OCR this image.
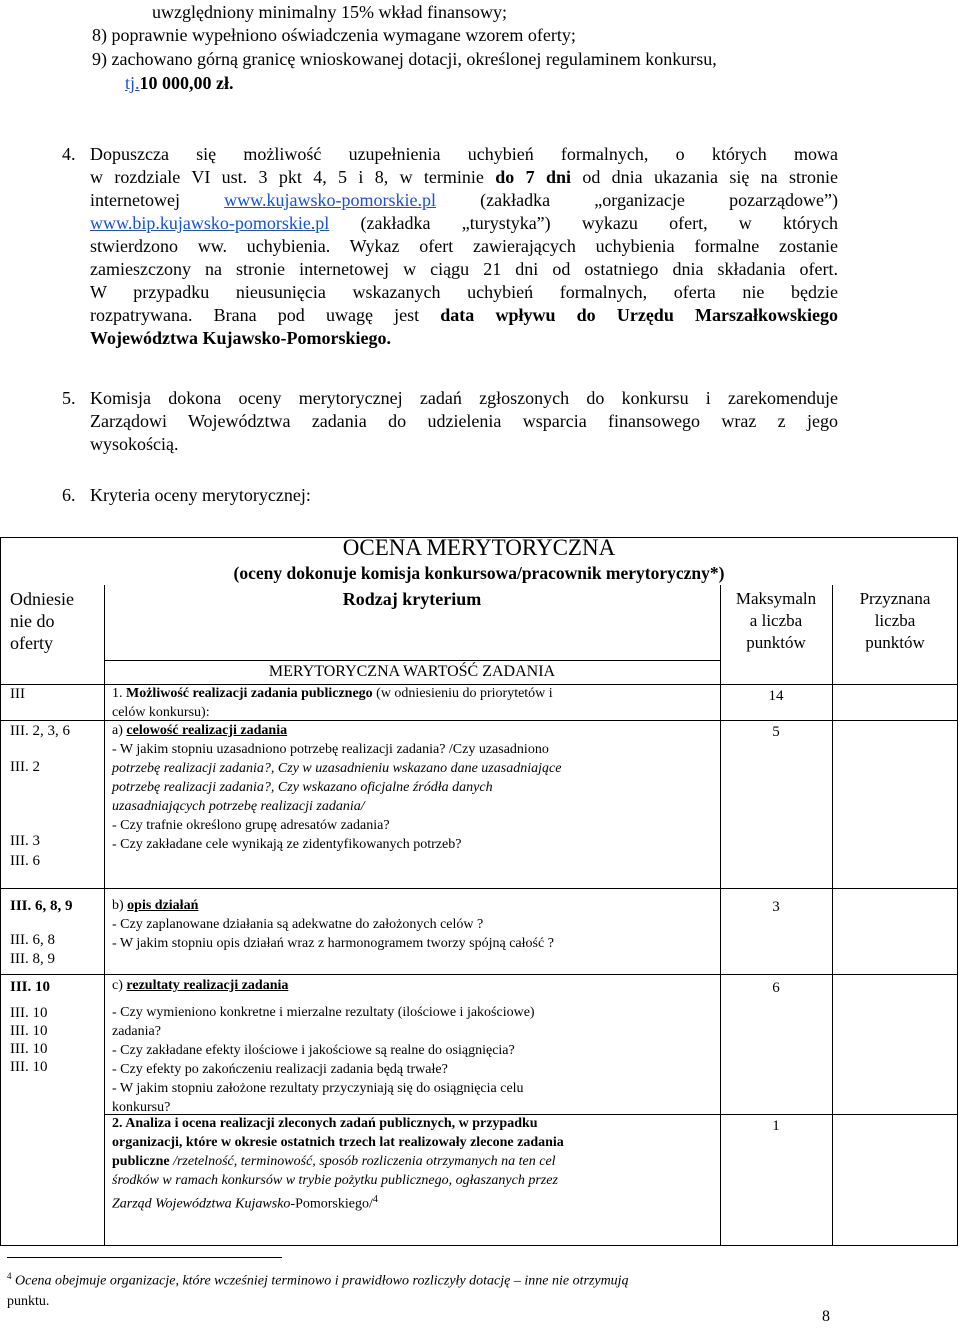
uwzględniony minimalny 15% wkład finansowy;
8) poprawnie wypełniono oświadczenia wymagane wzorem oferty;
9) zachowano górną granicę wnioskowanej dotacji, określonej regulaminem konkursu,
tj.10 000,00 zł.
4. Dopuszcza się możliwość uzupełnienia uchybień formalnych, o których mowa
w rozdziale VI ust. 3 pkt 4, 5 i 8, w terminie do 7 dni od dnia ukazania się na stronie
internetowej www.kujawsko-pomorskie.pl (zakładka „organizacje pozarządowe”)
www.bip.kujawsko-pomorskie.pl (zakładka „turystyka”) wykazu ofert, w których
stwierdzono ww. uchybienia. Wykaz ofert zawierających uchybienia formalne zostanie
zamieszczony na stronie internetowej w ciągu 21 dni od ostatniego dnia składania ofert.
W przypadku nieusunięcia wskazanych uchybień formalnych, oferta nie będzie
rozpatrywana. Brana pod uwagę jest data wpływu do Urzędu Marszałkowskiego
Województwa Kujawsko-Pomorskiego.
5. Komisja dokona oceny merytorycznej zadań zgłoszonych do konkursu i zarekomenduje
Zarządowi Województwa zadania do udzielenia wsparcia finansowego wraz z jego
wysokością.
6. Kryteria oceny merytorycznej:
OCENA MERYTORYCZNA
(oceny dokonuje komisja konkursowa/pracownik merytoryczny*)
Odniesie
nie do
oferty
Rodzaj kryterium	Maksymaln
a liczba
punktów
Przyznana
liczba
punktów
MERYTORYCZNA WARTOŚĆ ZADANIA
III	1. Możliwość realizacji zadania publicznego (w odniesieniu do priorytetów i
celów konkursu):
14
III. 2, 3, 6
III. 2
III. 3
III. 6
a) celowość realizacji zadania
- W jakim stopniu uzasadniono potrzebę realizacji zadania? /Czy uzasadniono
potrzebę realizacji zadania?, Czy w uzasadnieniu wskazano dane uzasadniające
potrzebę realizacji zadania?, Czy wskazano oficjalne źródła danych
uzasadniających potrzebę realizacji zadania/
- Czy trafnie określono grupę adresatów zadania?
- Czy zakładane cele wynikają ze zidentyfikowanych potrzeb?
5
III. 6, 8, 9
III. 6, 8
III. 8, 9
b) opis działań
- Czy zaplanowane działania są adekwatne do założonych celów ?
- W jakim stopniu opis działań wraz z harmonogramem tworzy spójną całość ?
3
III. 10
III. 10
III. 10
III. 10
III. 10
c) rezultaty realizacji zadania
- Czy wymieniono konkretne i mierzalne rezultaty (ilościowe i jakościowe)
zadania?
- Czy zakładane efekty ilościowe i jakościowe są realne do osiągnięcia?
- Czy efekty po zakończeniu realizacji zadania będą trwałe?
- W jakim stopniu założone rezultaty przyczyniają się do osiągnięcia celu
konkursu?
6
2. Analiza i ocena realizacji zleconych zadań publicznych, w przypadku
organizacji, które w okresie ostatnich trzech lat realizowały zlecone zadania
publiczne /rzetelność, terminowość, sposób rozliczenia otrzymanych na ten cel
środków w ramach konkursów w trybie pożytku publicznego, ogłaszanych przez
Zarząd Województwa Kujawsko-Pomorskiego/$^4$
1
$^4$ Ocena obejmuje organizacje, które wcześniej terminowo i prawidłowo rozliczyły dotację – inne nie otrzymują
punktu.
8
